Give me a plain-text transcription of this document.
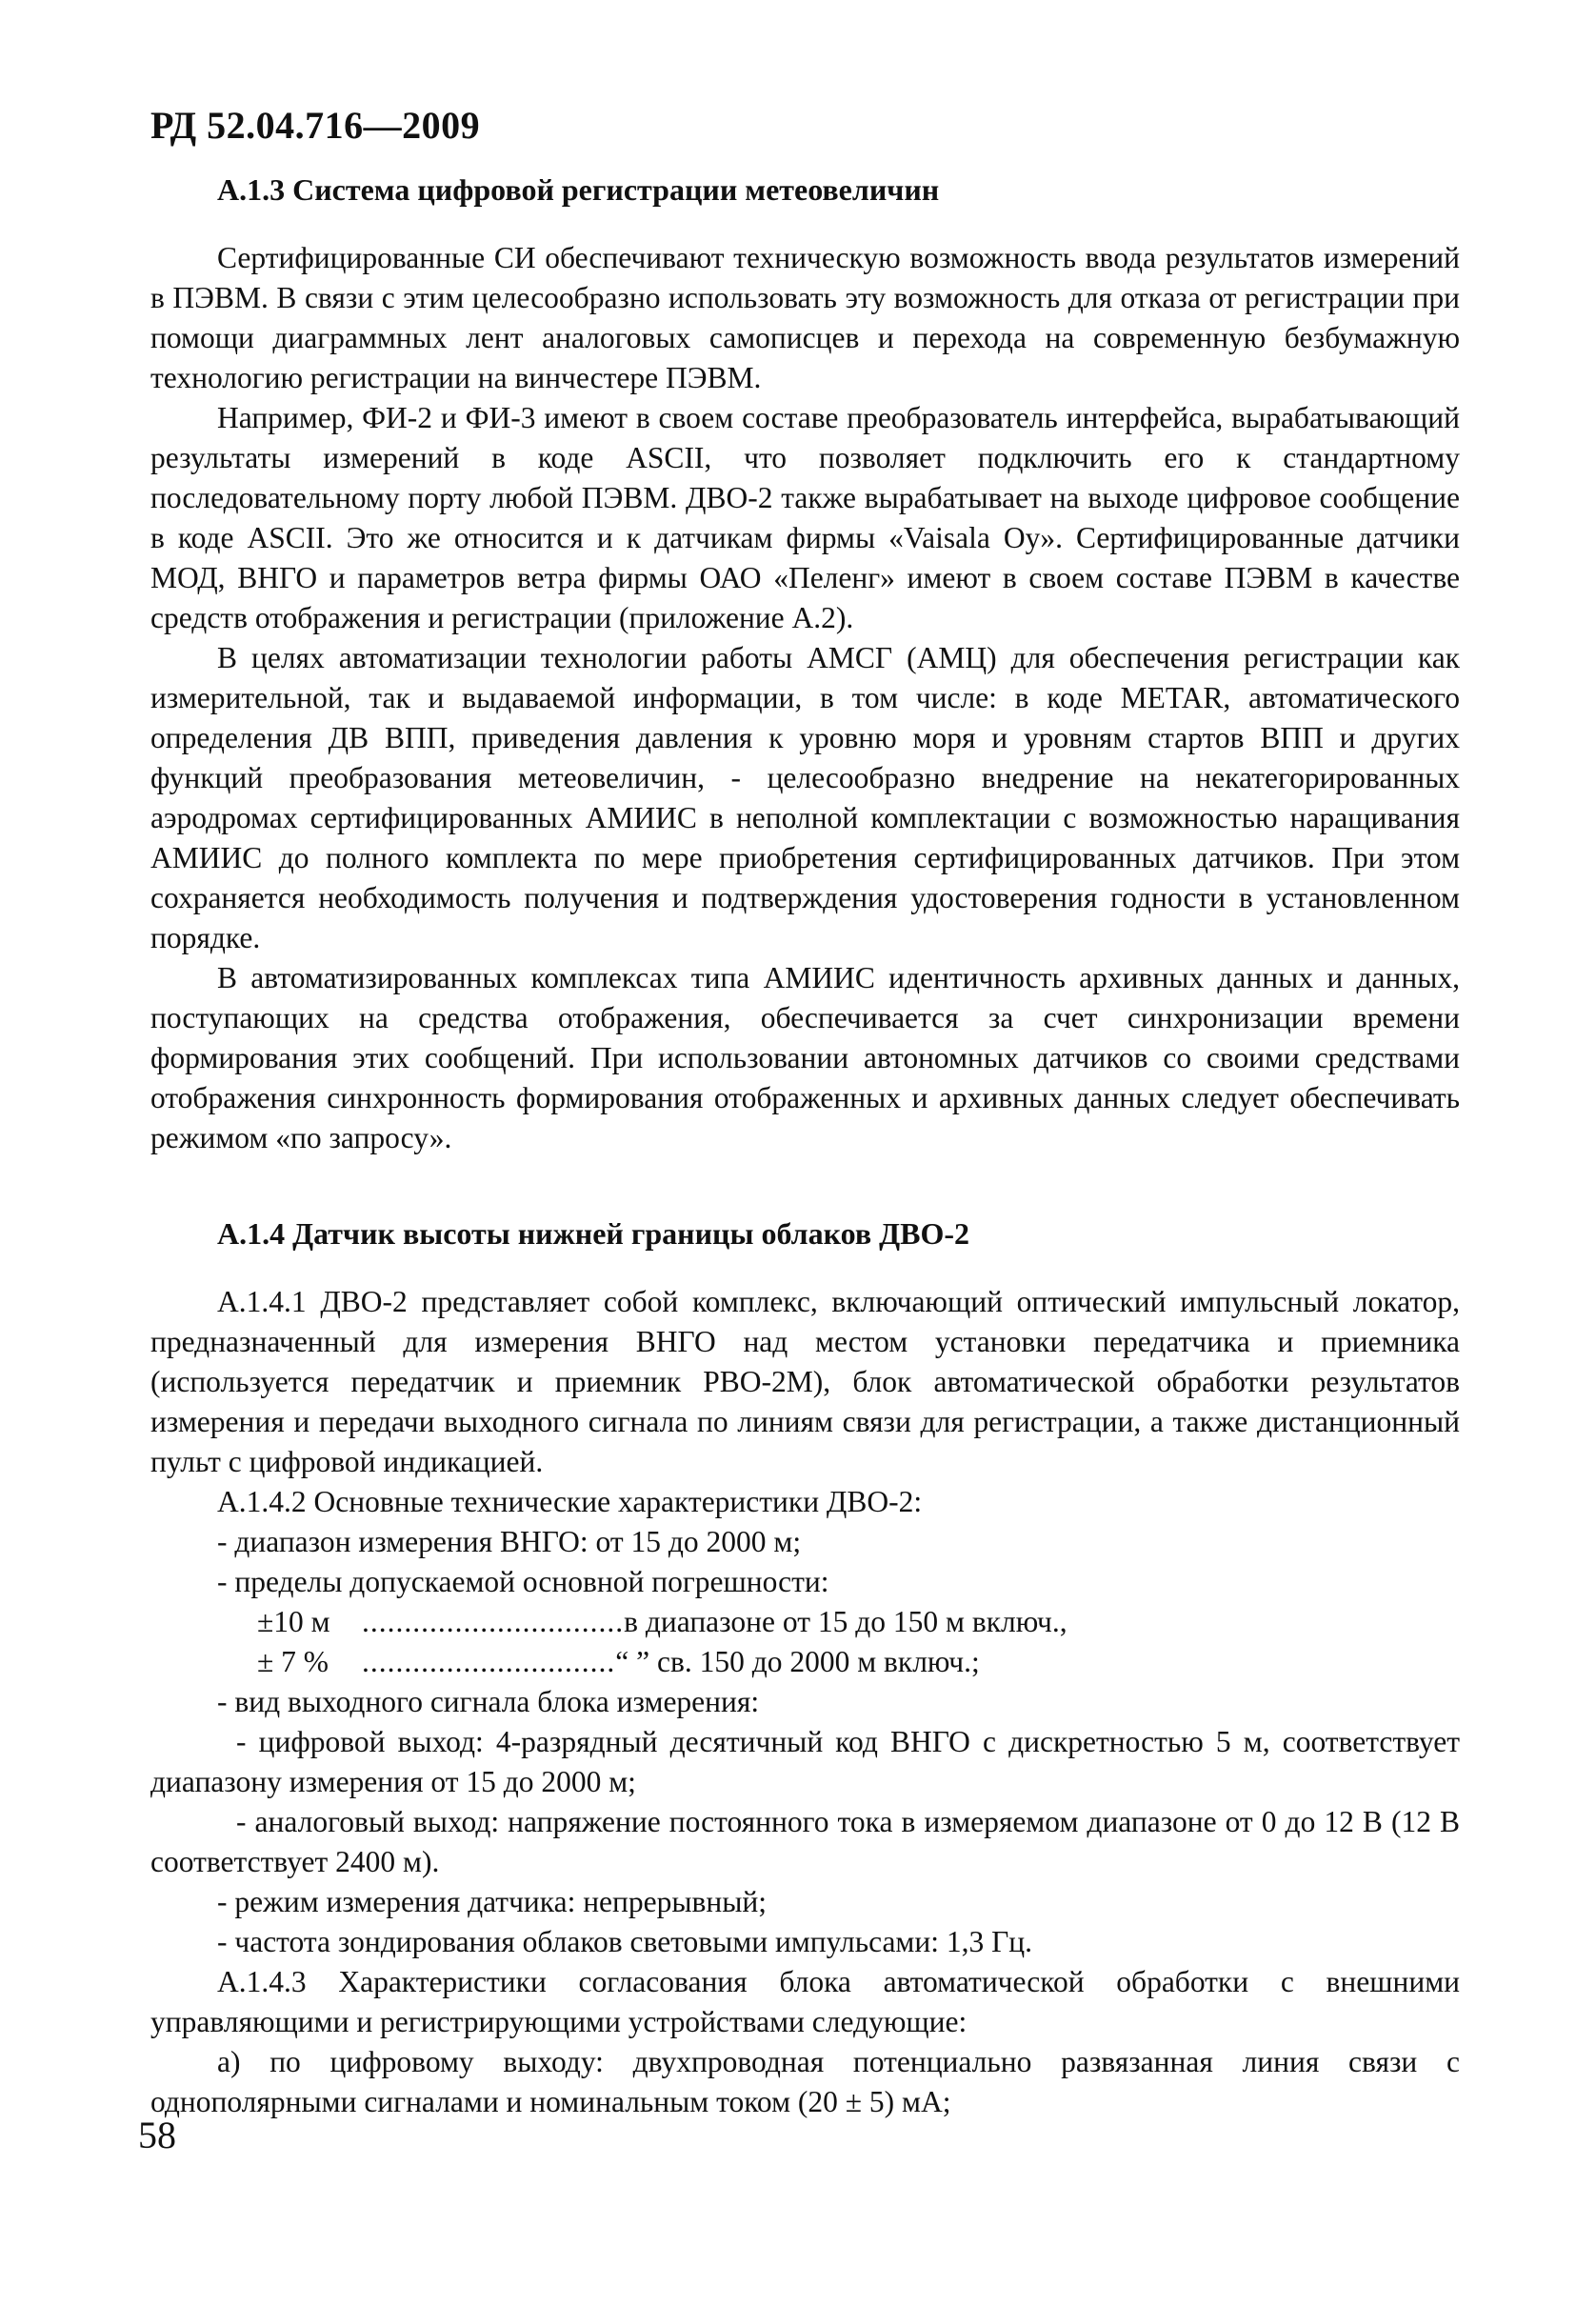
РД 52.04.716—2009

А.1.3 Система цифровой регистрации метеовеличин

Сертифицированные СИ обеспечивают техническую возможность ввода результатов измерений в ПЭВМ. В связи с этим целесообразно использовать эту возможность для отказа от регистрации при помощи диаграммных лент аналоговых самописцев и перехода на современную безбумажную технологию регистрации на винчестере ПЭВМ.

Например, ФИ-2 и ФИ-3 имеют в своем составе преобразователь интерфейса, вырабатывающий результаты измерений в коде ASCII, что позволяет подключить его к стандартному последовательному порту любой ПЭВМ. ДВО-2 также вырабатывает на выходе цифровое сообщение в коде ASCII. Это же относится и к датчикам фирмы «Vaisala Oy». Сертифицированные датчики МОД, ВНГО и параметров ветра фирмы ОАО «Пеленг» имеют в своем составе ПЭВМ в качестве средств отображения и регистрации (приложение А.2).

В целях автоматизации технологии работы АМСГ (АМЦ) для обеспечения регистрации как измерительной, так и выдаваемой информации, в том числе: в коде METAR, автоматического определения ДВ ВПП, приведения давления к уровню моря и уровням стартов ВПП и других функций преобразования метеовеличин, - целесообразно внедрение на некатегорированных аэродромах сертифицированных АМИИС в неполной комплектации с возможностью наращивания АМИИС до полного комплекта по мере приобретения сертифицированных датчиков. При этом сохраняется необходимость получения и подтверждения удостоверения годности в установленном порядке.

В автоматизированных комплексах типа АМИИС идентичность архивных данных и данных, поступающих на средства отображения, обеспечивается за счет синхронизации времени формирования этих сообщений. При использовании автономных датчиков со своими средствами отображения синхронность формирования отображенных и архивных данных следует обеспечивать режимом «по запросу».

А.1.4 Датчик высоты нижней границы облаков ДВО-2

А.1.4.1 ДВО-2 представляет собой комплекс, включающий оптический импульсный локатор, предназначенный для измерения ВНГО над местом установки передатчика и приемника (используется передатчик и приемник РВО-2М), блок автоматической обработки результатов измерения и передачи выходного сигнала по линиям связи для регистрации, а также дистанционный пульт с цифровой индикацией.

А.1.4.2 Основные технические характеристики ДВО-2:

- диапазон измерения ВНГО: от 15 до 2000 м;

- пределы допускаемой основной погрешности:

±10 м ...............................в диапазоне от 15 до 150 м включ.,

± 7 % ..............................“ ” св. 150 до 2000 м включ.;

- вид выходного сигнала блока измерения:

- цифровой выход: 4-разрядный десятичный код ВНГО с дискретностью 5 м, соответствует диапазону измерения от 15 до 2000 м;

- аналоговый выход: напряжение постоянного тока в измеряемом диапазоне от 0 до 12 В (12 В соответствует 2400 м).

- режим измерения датчика: непрерывный;

- частота зондирования облаков световыми импульсами: 1,3 Гц.

А.1.4.3 Характеристики согласования блока автоматической обработки с внешними управляющими и регистрирующими устройствами следующие:

а) по цифровому выходу: двухпроводная потенциально развязанная линия связи с однополярными сигналами и номинальным током (20 ± 5) мА;

58
